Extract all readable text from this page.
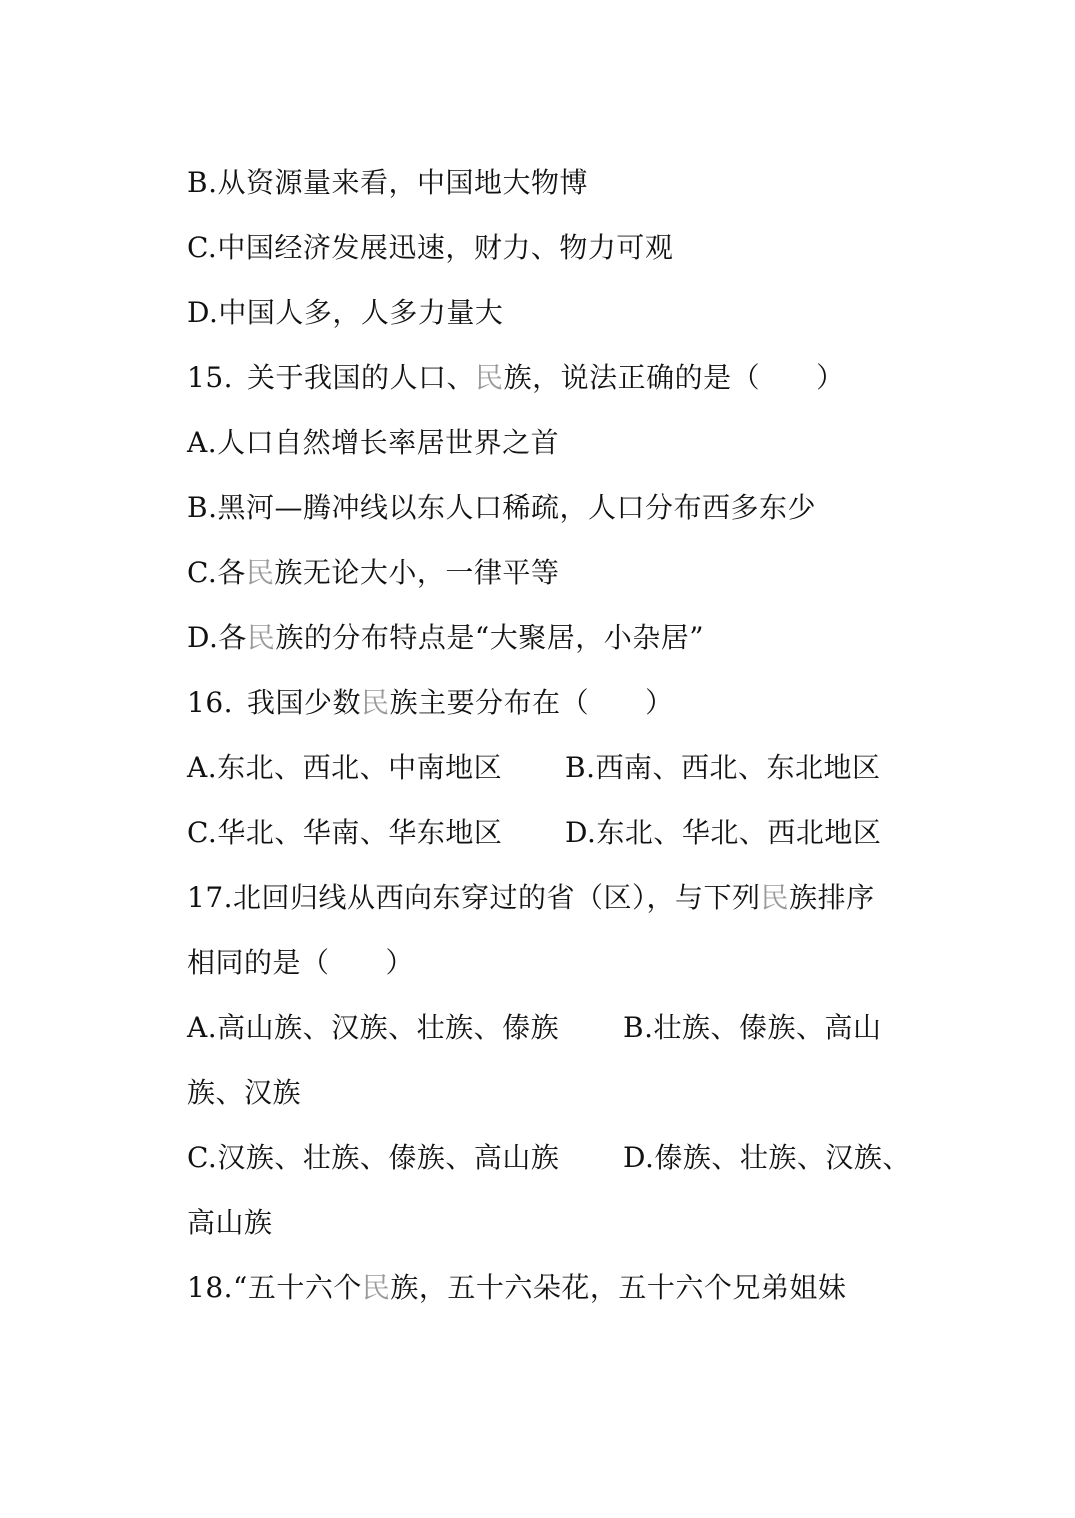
B.从资源量来看，中国地大物博
C.中国经济发展迅速，财力、物力可观
D.中国人多，人多力量大
15. 关于我国的人口、民族，说法正确的是（ ）
A.人口自然增长率居世界之首
B.黑河—腾冲线以东人口稀疏，人口分布西多东少
C.各民族无论大小，一律平等
D.各民族的分布特点是“大聚居，小杂居”
16. 我国少数民族主要分布在（ ）
A.东北、西北、中南地区 B.西南、西北、东北地区
C.华北、华南、华东地区 D.东北、华北、西北地区
17.北回归线从西向东穿过的省（区），与下列民族排序
相同的是（ ）
A.高山族、汉族、壮族、傣族 B.壮族、傣族、高山
族、汉族
C.汉族、壮族、傣族、高山族 D.傣族、壮族、汉族、
高山族
18.“五十六个民族，五十六朵花，五十六个兄弟姐妹
